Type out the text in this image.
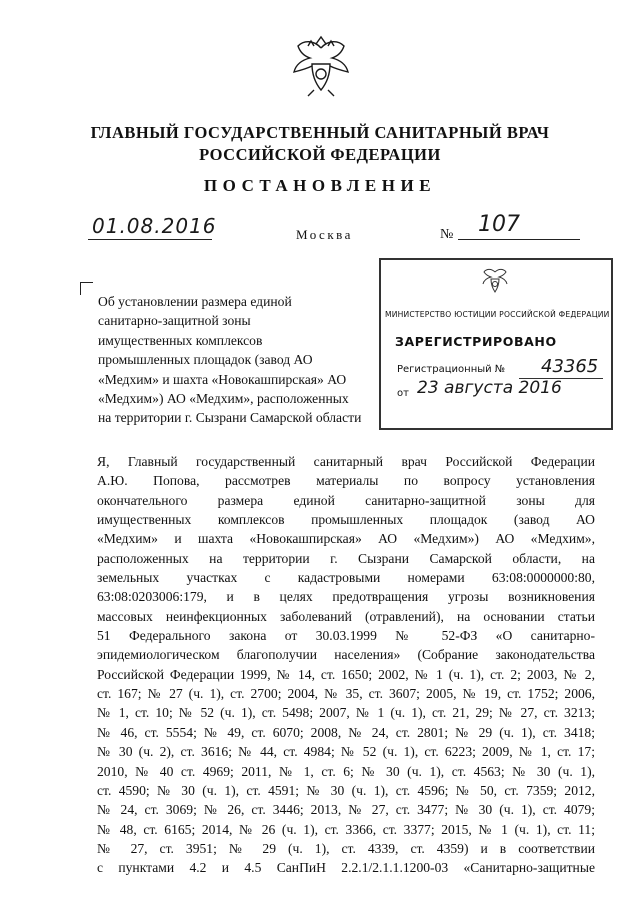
ГЛАВНЫЙ ГОСУДАРСТВЕННЫЙ САНИТАРНЫЙ ВРАЧ
РОССИЙСКОЙ ФЕДЕРАЦИИ
ПОСТАНОВЛЕНИЕ
01.08.2016	Москва	№ 107
Об установлении размера единой
санитарно-защитной зоны
имущественных комплексов
промышленных площадок (завод АО
«Медхим» и шахта «Новокашпирская» АО
«Медхим») АО «Медхим», расположенных
на территории г. Сызрани Самарской области
МИНИСТЕРСТВО ЮСТИЦИИ РОССИЙСКОЙ ФЕДЕРАЦИИ
ЗАРЕГИСТРИРОВАНО
Регистрационный № 43365
от 23 августа 2016
Я, Главный государственный санитарный врач Российской Федерации
А.Ю. Попова, рассмотрев материалы по вопросу установления
окончательного размера единой санитарно-защитной зоны для
имущественных комплексов промышленных площадок (завод АО
«Медхим» и шахта «Новокашпирская» АО «Медхим») АО «Медхим»,
расположенных на территории г. Сызрани Самарской области, на
земельных участках с кадастровыми номерами 63:08:0000000:80,
63:08:0203006:179, и в целях предотвращения угрозы возникновения
массовых неинфекционных заболеваний (отравлений), на основании статьи
51 Федерального закона от 30.03.1999 № 52-ФЗ «О санитарно-
эпидемиологическом благополучии населения» (Собрание законодательства
Российской Федерации 1999, № 14, ст. 1650; 2002, № 1 (ч. 1), ст. 2; 2003, № 2,
ст. 167; № 27 (ч. 1), ст. 2700; 2004, № 35, ст. 3607; 2005, № 19, ст. 1752; 2006,
№ 1, ст. 10; № 52 (ч. 1), ст. 5498; 2007, № 1 (ч. 1), ст. 21, 29; № 27, ст. 3213;
№ 46, ст. 5554; № 49, ст. 6070; 2008, № 24, ст. 2801; № 29 (ч. 1), ст. 3418;
№ 30 (ч. 2), ст. 3616; № 44, ст. 4984; № 52 (ч. 1), ст. 6223; 2009, № 1, ст. 17;
2010, № 40 ст. 4969; 2011, № 1, ст. 6; № 30 (ч. 1), ст. 4563; № 30 (ч. 1),
ст. 4590; № 30 (ч. 1), ст. 4591; № 30 (ч. 1), ст. 4596; № 50, ст. 7359; 2012,
№ 24, ст. 3069; № 26, ст. 3446; 2013, № 27, ст. 3477; № 30 (ч. 1), ст. 4079;
№ 48, ст. 6165; 2014, № 26 (ч. 1), ст. 3366, ст. 3377; 2015, № 1 (ч. 1), ст. 11;
№ 27, ст. 3951; № 29 (ч. 1), ст. 4339, ст. 4359) и в соответствии
с пунктами 4.2 и 4.5 СанПиН 2.2.1/2.1.1.1200-03 «Санитарно-защитные
